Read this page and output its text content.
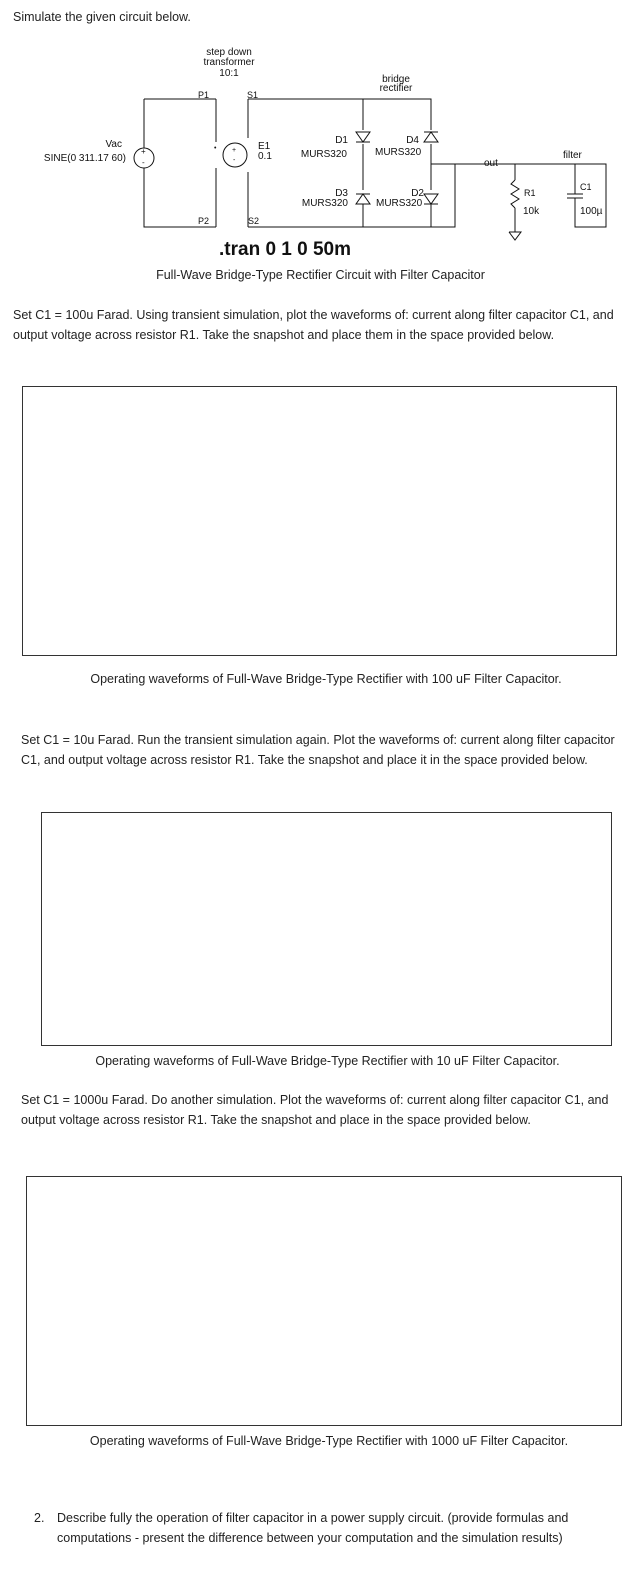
Simulate the given circuit below.
+
-
+
-
•
step down
transformer
10:1
bridge
rectifier
P1	S1
P2	S2
Vac
SINE(0 311.17 60)
E1
0.1
D1
MURS320
D4
MURS320
D3
MURS320
D2
MURS320
out
filter
R1
10k
C1
100µ
.tran 0 1 0 50m
Full-Wave Bridge-Type Rectifier Circuit with Filter Capacitor
Set C1 = 100u Farad. Using transient simulation, plot the waveforms of: current along filter capacitor C1, and output voltage across resistor R1. Take the snapshot and place them in the space provided below.
Operating waveforms of Full-Wave Bridge-Type Rectifier with 100 uF Filter Capacitor.
Set C1 = 10u Farad. Run the transient simulation again. Plot the waveforms of: current along filter capacitor C1, and output voltage across resistor R1. Take the snapshot and place it in the space provided below.
Operating waveforms of Full-Wave Bridge-Type Rectifier with 10 uF Filter Capacitor.
Set C1 = 1000u Farad. Do another simulation. Plot the waveforms of: current along filter capacitor C1, and output voltage across resistor R1. Take the snapshot and place in the space provided below.
Operating waveforms of Full-Wave Bridge-Type Rectifier with 1000 uF Filter Capacitor.
2. Describe fully the operation of filter capacitor in a power supply circuit. (provide formulas and computations - present the difference between your computation and the simulation results)
